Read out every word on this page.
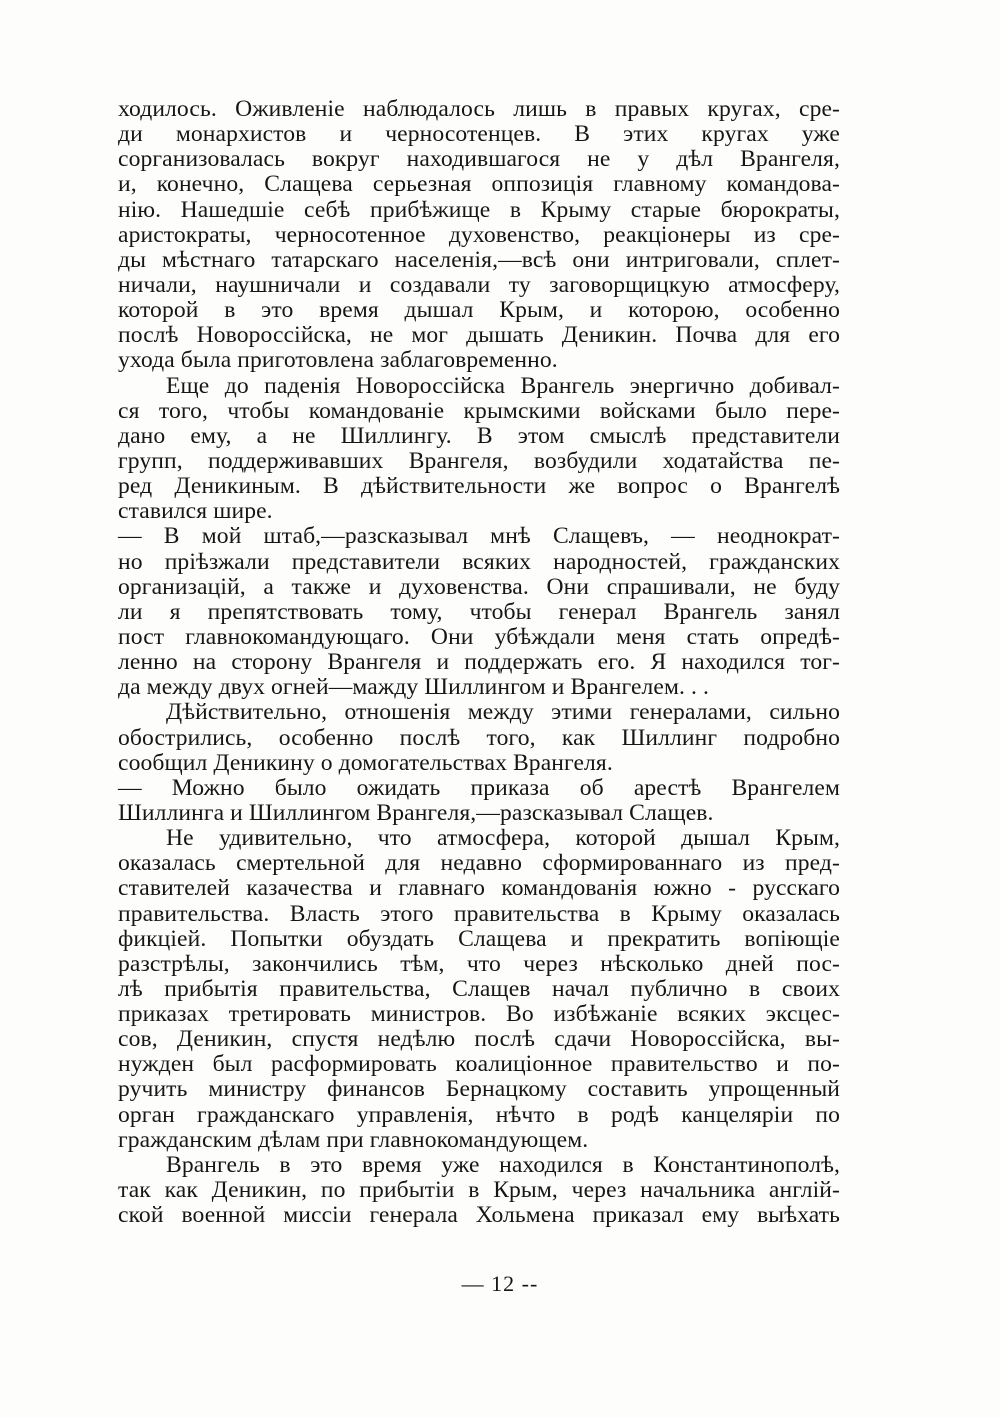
ходилось. Оживленіе наблюдалось лишь в правых кругах, сре-
ди монархистов и черносотенцев. В этих кругах уже
сорганизовалась вокруг находившагося не у дѣл Врангеля,
и, конечно, Слащева серьезная оппозиція главному командова-
нію. Нашедшіе себѣ прибѣжище в Крыму старые бюрократы,
аристократы, черносотенное духовенство, реакціонеры из сре-
ды мѣстнаго татарскаго населенія,—всѣ они интриговали, сплет-
ничали, наушничали и создавали ту заговорщицкую атмосферу,
которой в это время дышал Крым, и которою, особенно
послѣ Новороссійска, не мог дышать Деникин. Почва для его
ухода была приготовлена заблаговременно.
Еще до паденія Новороссійска Врангель энергично добивал-
ся того, чтобы командованіе крымскими войсками было пере-
дано ему, а не Шиллингу. В этом смыслѣ представители
групп, поддерживавших Врангеля, возбудили ходатайства пе-
ред Деникиным. В дѣйствительности же вопрос о Врангелѣ
ставился шире.
— В мой штаб,—разсказывал мнѣ Слащевъ, — неоднократ-
но пріѣзжали представители всяких народностей, гражданских
организацій, а также и духовенства. Они спрашивали, не буду
ли я препятствовать тому, чтобы генерал Врангель занял
пост главнокомандующаго. Они убѣждали меня стать опредѣ-
ленно на сторону Врангеля и поддержать его. Я находился тог-
да между двух огней—мажду Шиллингом и Врангелем. . .
Дѣйствительно, отношенія между этими генералами, сильно
обострились, особенно послѣ того, как Шиллинг подробно
сообщил Деникину о домогательствах Врангеля.
— Можно было ожидать приказа об арестѣ Врангелем
Шиллинга и Шиллингом Врангеля,—разсказывал Слащев.
Не удивительно, что атмосфера, которой дышал Крым,
оказалась смертельной для недавно сформированнаго из пред-
ставителей казачества и главнаго командованія южно - русскаго
правительства. Власть этого правительства в Крыму оказалась
фикціей. Попытки обуздать Слащева и прекратить вопіющіе
разстрѣлы, закончились тѣм, что через нѣсколько дней пос-
лѣ прибытія правительства, Слащев начал публично в своих
приказах третировать министров. Во избѣжаніе всяких эксцес-
сов, Деникин, спустя недѣлю послѣ сдачи Новороссійска, вы-
нужден был расформировать коалиціонное правительство и по-
ручить министру финансов Бернацкому составить упрощенный
орган гражданскаго управленія, нѣчто в родѣ канцеляріи по
гражданским дѣлам при главнокомандующем.
Врангель в это время уже находился в Константинополѣ,
так как Деникин, по прибытіи в Крым, через начальника англій-
ской военной миссіи генерала Хольмена приказал ему выѣхать
— 12 --
